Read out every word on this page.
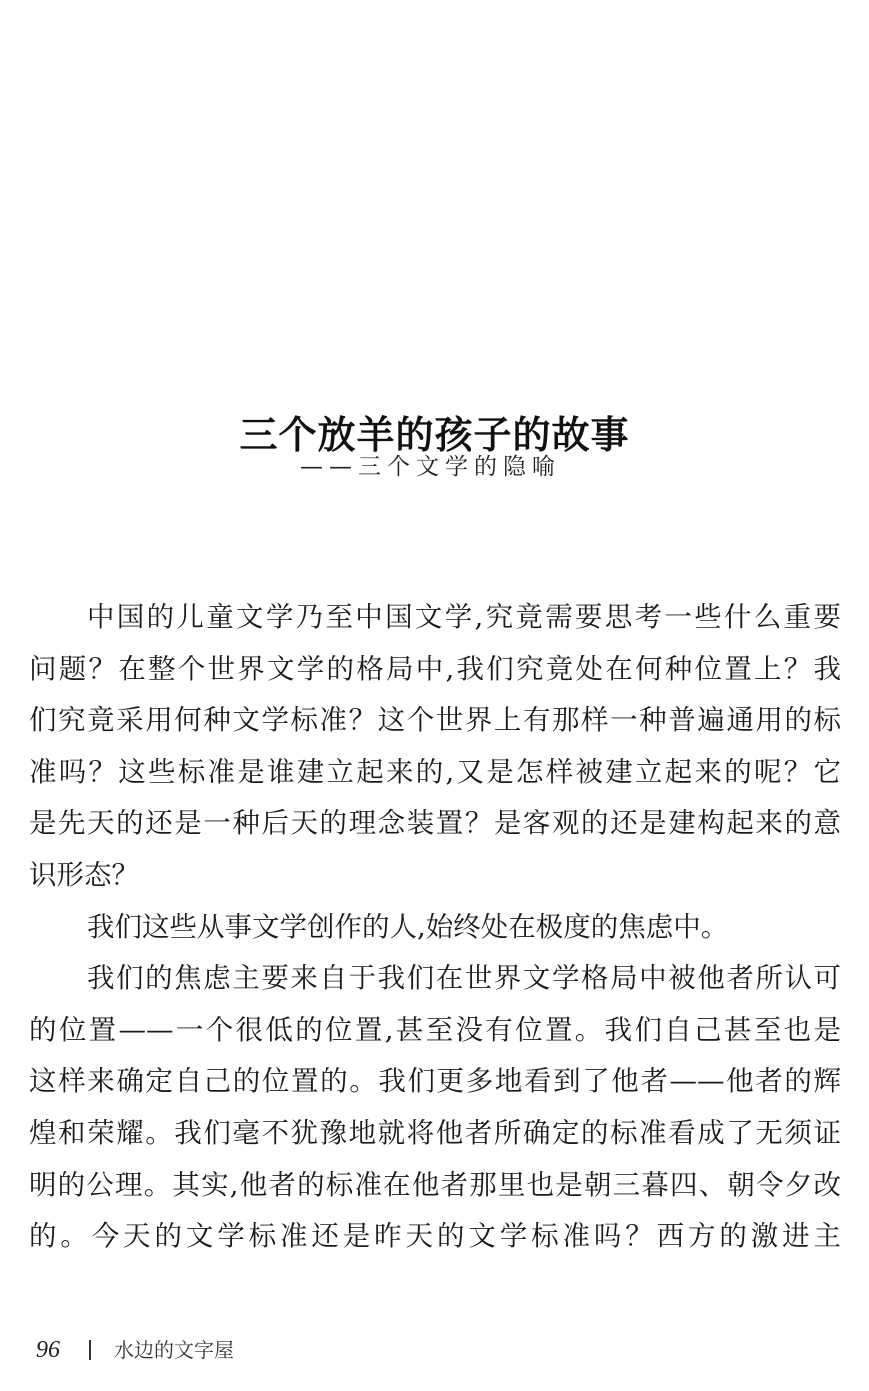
三个放羊的孩子的故事
——三个文学的隐喻
中国的儿童文学乃至中国文学,究竟需要思考一些什么重要
问题？在整个世界文学的格局中,我们究竟处在何种位置上？我
们究竟采用何种文学标准？这个世界上有那样一种普遍通用的标
准吗？这些标准是谁建立起来的,又是怎样被建立起来的呢？它
是先天的还是一种后天的理念装置？是客观的还是建构起来的意
识形态？
我们这些从事文学创作的人,始终处在极度的焦虑中。
我们的焦虑主要来自于我们在世界文学格局中被他者所认可
的位置——一个很低的位置,甚至没有位置。我们自己甚至也是
这样来确定自己的位置的。我们更多地看到了他者——他者的辉
煌和荣耀。我们毫不犹豫地就将他者所确定的标准看成了无须证
明的公理。其实,他者的标准在他者那里也是朝三暮四、朝令夕改
的。今天的文学标准还是昨天的文学标准吗？西方的激进主
96	水边的文字屋
